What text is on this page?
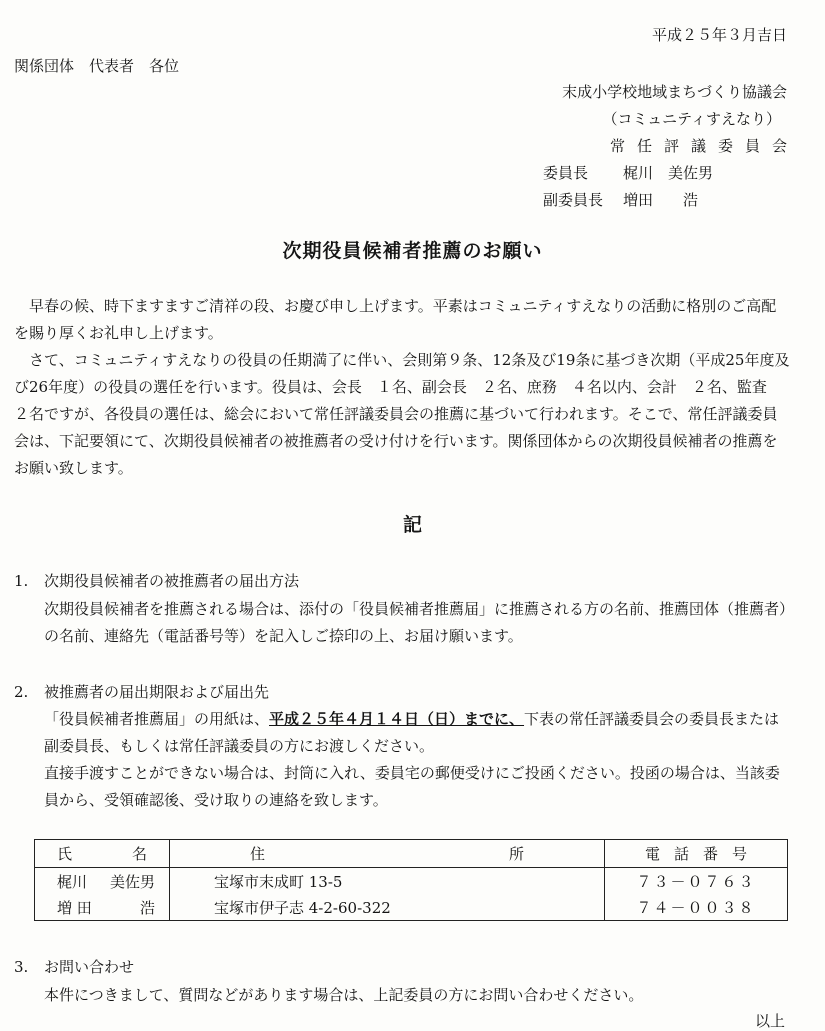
平成２５年３月吉日
関係団体　代表者　各位
末成小学校地域まちづくり協議会
（コミュニティすえなり）
常任評議委員会
委員長 梶川　美佐男
副委員長 増田　　浩
次期役員候補者推薦のお願い

早春の候、時下ますますご清祥の段、お慶び申し上げます。平素はコミュニティすえなりの活動に格別のご高配を賜り厚くお礼申し上げます。

さて、コミュニティすえなりの役員の任期満了に伴い、会則第９条、12条及び19条に基づき次期（平成25年度及び26年度）の役員の選任を行います。役員は、会長　１名、副会長　２名、庶務　４名以内、会計　２名、監査　２名ですが、各役員の選任は、総会において常任評議委員会の推薦に基づいて行われます。そこで、常任評議委員会は、下記要領にて、次期役員候補者の被推薦者の受け付けを行います。関係団体からの次期役員候補者の推薦をお願い致します。

記
1. 次期役員候補者の被推薦者の届出方法

次期役員候補者を推薦される場合は、添付の「役員候補者推薦届」に推薦される方の名前、推薦団体（推薦者）の名前、連絡先（電話番号等）を記入しご捺印の上、お届け願います。

2. 被推薦者の届出期限および届出先

「役員候補者推薦届」の用紙は、平成２５年４月１４日（日）までに、下表の常任評議委員会の委員長または副委員長、もしくは常任評議委員の方にお渡しください。

直接手渡すことができない場合は、封筒に入れ、委員宅の郵便受けにご投函ください。投函の場合は、当該委員から、受領確認後、受け取りの連絡を致します。

氏 名	住 所	電 話 番 号

梶川 美佐男	宝塚市末成町 13-5	７３－０７６３

増 田 浩	宝塚市伊子志 4-2-60-322	７４－００３８
3. お問い合わせ

本件につきまして、質問などがあります場合は、上記委員の方にお問い合わせください。

以上
